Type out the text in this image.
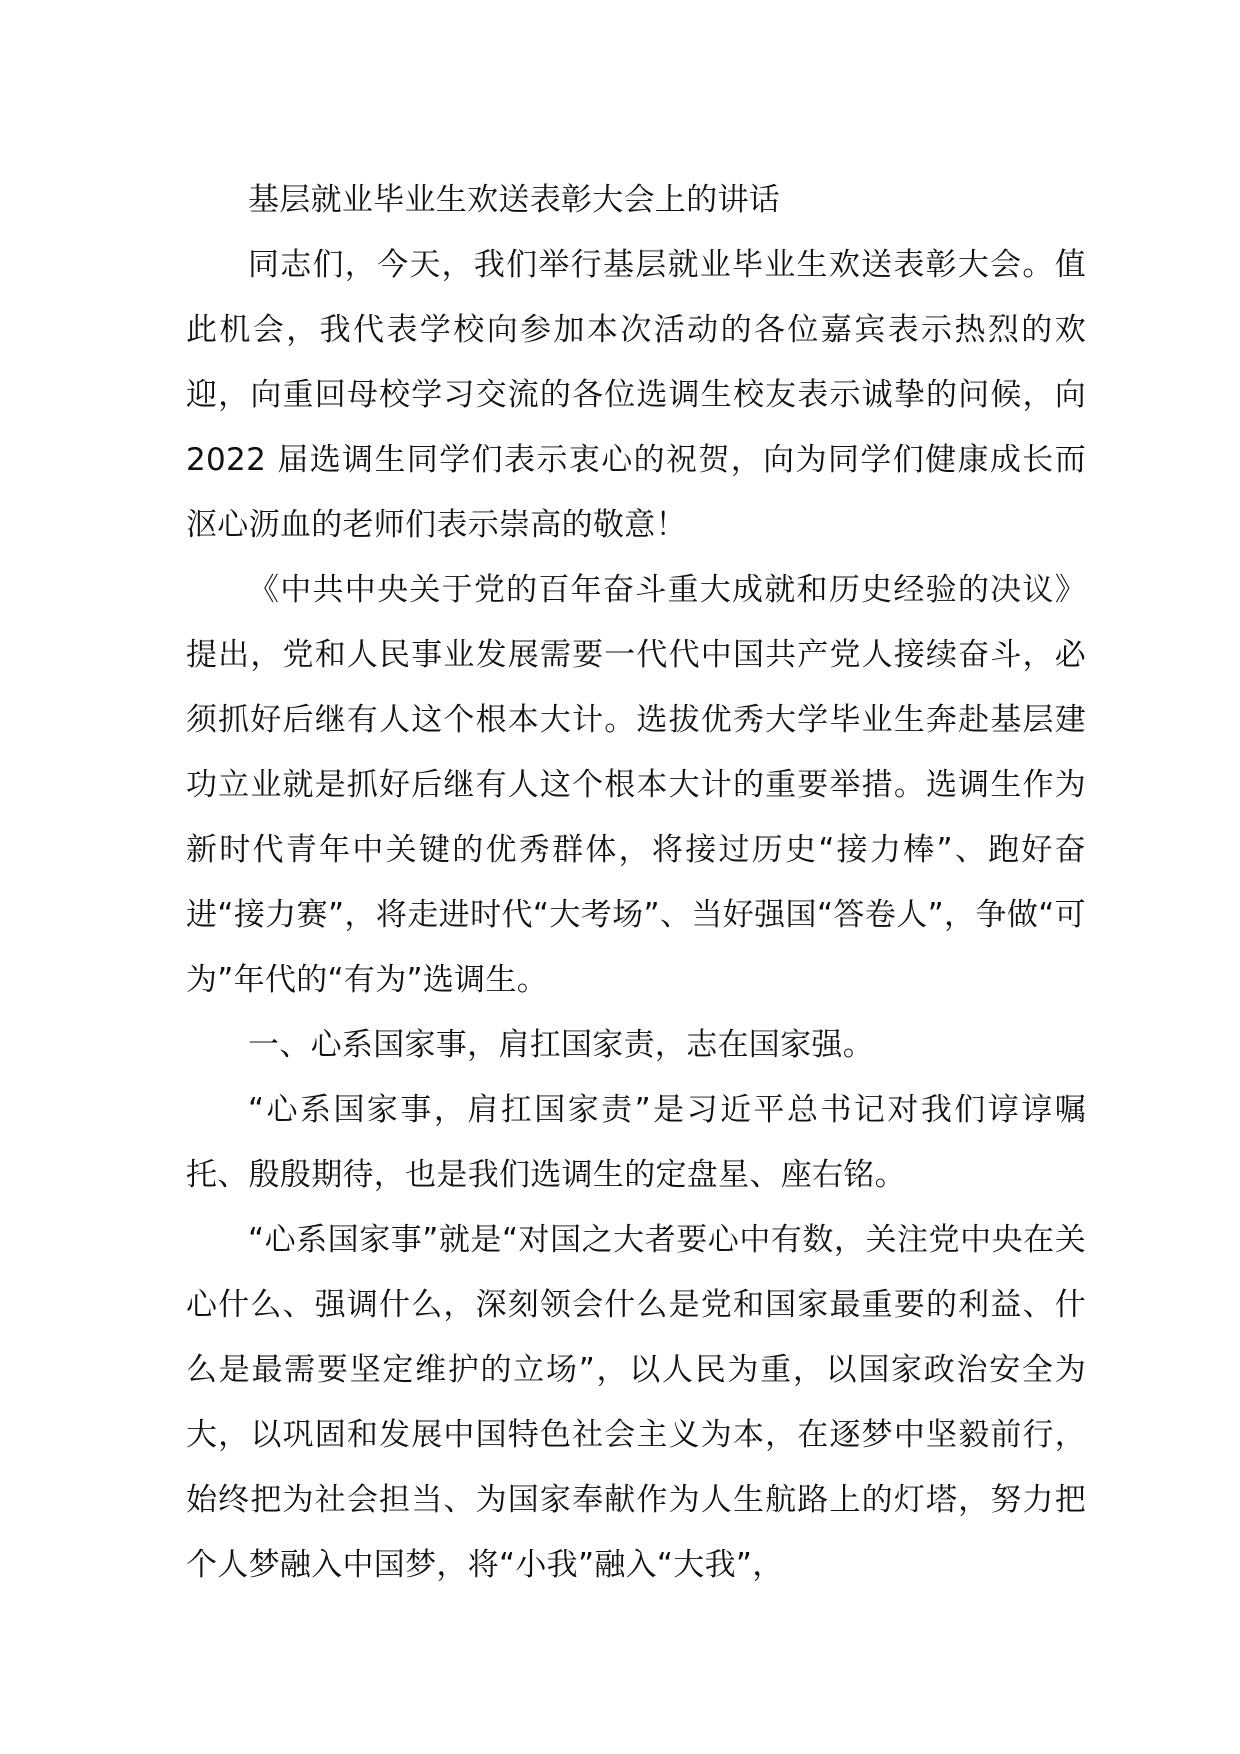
基层就业毕业生欢送表彰大会上的讲话

同志们，今天，我们举行基层就业毕业生欢送表彰大会。值此机会，我代表学校向参加本次活动的各位嘉宾表示热烈的欢迎，向重回母校学习交流的各位选调生校友表示诚挚的问候，向 2022 届选调生同学们表示衷心的祝贺，向为同学们健康成长而沤心沥血的老师们表示崇高的敬意！

《中共中央关于党的百年奋斗重大成就和历史经验的决议》提出，党和人民事业发展需要一代代中国共产党人接续奋斗，必须抓好后继有人这个根本大计。选拔优秀大学毕业生奔赴基层建功立业就是抓好后继有人这个根本大计的重要举措。选调生作为新时代青年中关键的优秀群体，将接过历史“接力棒”、跑好奋进“接力赛”，将走进时代“大考场”、当好强国“答卷人”，争做“可为”年代的“有为”选调生。

一、心系国家事，肩扛国家责，志在国家强。

“心系国家事，肩扛国家责”是习近平总书记对我们谆谆嘱托、殷殷期待，也是我们选调生的定盘星、座右铭。

“心系国家事”就是“对国之大者要心中有数，关注党中央在关心什么、强调什么，深刻领会什么是党和国家最重要的利益、什么是最需要坚定维护的立场”，以人民为重，以国家政治安全为大，以巩固和发展中国特色社会主义为本，在逐梦中坚毅前行，始终把为社会担当、为国家奉献作为人生航路上的灯塔，努力把个人梦融入中国梦，将“小我”融入“大我”，
